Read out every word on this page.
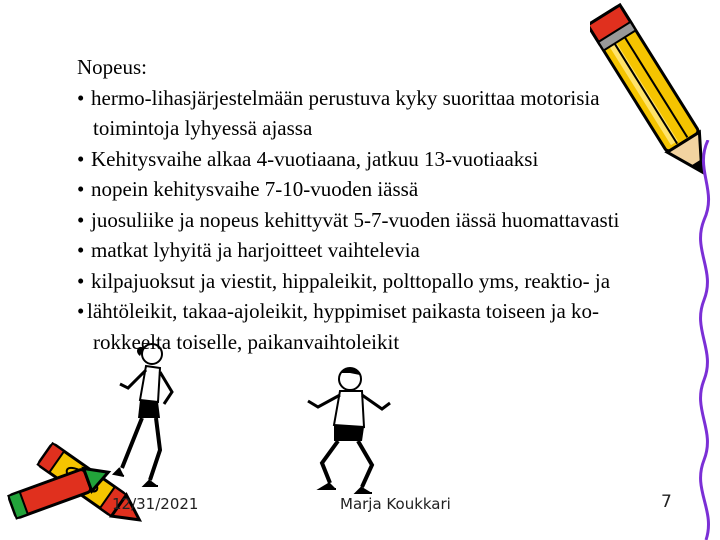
Nopeus:
• hermo-lihasjärjestelmään perustuva kyky suorittaa motorisia
toimintoja lyhyessä ajassa
• Kehitysvaihe alkaa 4-vuotiaana, jatkuu 13-vuotiaaksi
• nopein kehitysvaihe 7-10-vuoden iässä
• juosuliike ja nopeus kehittyvät 5-7-vuoden iässä huomattavasti
• matkat lyhyitä ja harjoitteet vaihtelevia
• kilpajuoksut ja viestit, hippaleikit, polttopallo yms, reaktio- ja
• lähtöleikit, takaa-ajoleikit, hyppimiset paikasta toiseen ja ko-
rokkeelta toiselle, paikanvaihtoleikit
12/31/2021	Marja Koukkari	7
